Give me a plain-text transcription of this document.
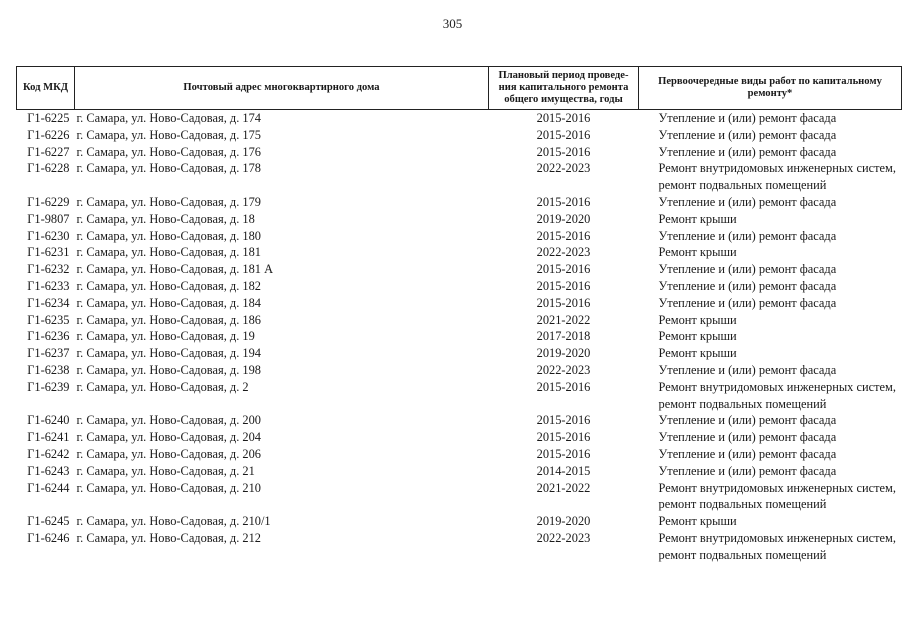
305
Код МКД	Почтовый адрес многоквартирного дома	Плановый период проведе-ния капитального ремонта общего имущества, годы	Первоочередные виды работ по капитальному ремонту*
Г1-6225	г. Самара, ул. Ново-Садовая, д. 174	2015-2016	Утепление и (или) ремонт фасада
Г1-6226	г. Самара, ул. Ново-Садовая, д. 175	2015-2016	Утепление и (или) ремонт фасада
Г1-6227	г. Самара, ул. Ново-Садовая, д. 176	2015-2016	Утепление и (или) ремонт фасада
Г1-6228	г. Самара, ул. Ново-Садовая, д. 178	2022-2023	Ремонт внутридомовых инженерных систем, ремонт подвальных помещений
Г1-6229	г. Самара, ул. Ново-Садовая, д. 179	2015-2016	Утепление и (или) ремонт фасада
Г1-9807	г. Самара, ул. Ново-Садовая, д. 18	2019-2020	Ремонт крыши
Г1-6230	г. Самара, ул. Ново-Садовая, д. 180	2015-2016	Утепление и (или) ремонт фасада
Г1-6231	г. Самара, ул. Ново-Садовая, д. 181	2022-2023	Ремонт крыши
Г1-6232	г. Самара, ул. Ново-Садовая, д. 181 А	2015-2016	Утепление и (или) ремонт фасада
Г1-6233	г. Самара, ул. Ново-Садовая, д. 182	2015-2016	Утепление и (или) ремонт фасада
Г1-6234	г. Самара, ул. Ново-Садовая, д. 184	2015-2016	Утепление и (или) ремонт фасада
Г1-6235	г. Самара, ул. Ново-Садовая, д. 186	2021-2022	Ремонт крыши
Г1-6236	г. Самара, ул. Ново-Садовая, д. 19	2017-2018	Ремонт крыши
Г1-6237	г. Самара, ул. Ново-Садовая, д. 194	2019-2020	Ремонт крыши
Г1-6238	г. Самара, ул. Ново-Садовая, д. 198	2022-2023	Утепление и (или) ремонт фасада
Г1-6239	г. Самара, ул. Ново-Садовая, д. 2	2015-2016	Ремонт внутридомовых инженерных систем, ремонт подвальных помещений
Г1-6240	г. Самара, ул. Ново-Садовая, д. 200	2015-2016	Утепление и (или) ремонт фасада
Г1-6241	г. Самара, ул. Ново-Садовая, д. 204	2015-2016	Утепление и (или) ремонт фасада
Г1-6242	г. Самара, ул. Ново-Садовая, д. 206	2015-2016	Утепление и (или) ремонт фасада
Г1-6243	г. Самара, ул. Ново-Садовая, д. 21	2014-2015	Утепление и (или) ремонт фасада
Г1-6244	г. Самара, ул. Ново-Садовая, д. 210	2021-2022	Ремонт внутридомовых инженерных систем, ремонт подвальных помещений
Г1-6245	г. Самара, ул. Ново-Садовая, д. 210/1	2019-2020	Ремонт крыши
Г1-6246	г. Самара, ул. Ново-Садовая, д. 212	2022-2023	Ремонт внутридомовых инженерных систем, ремонт подвальных помещений
